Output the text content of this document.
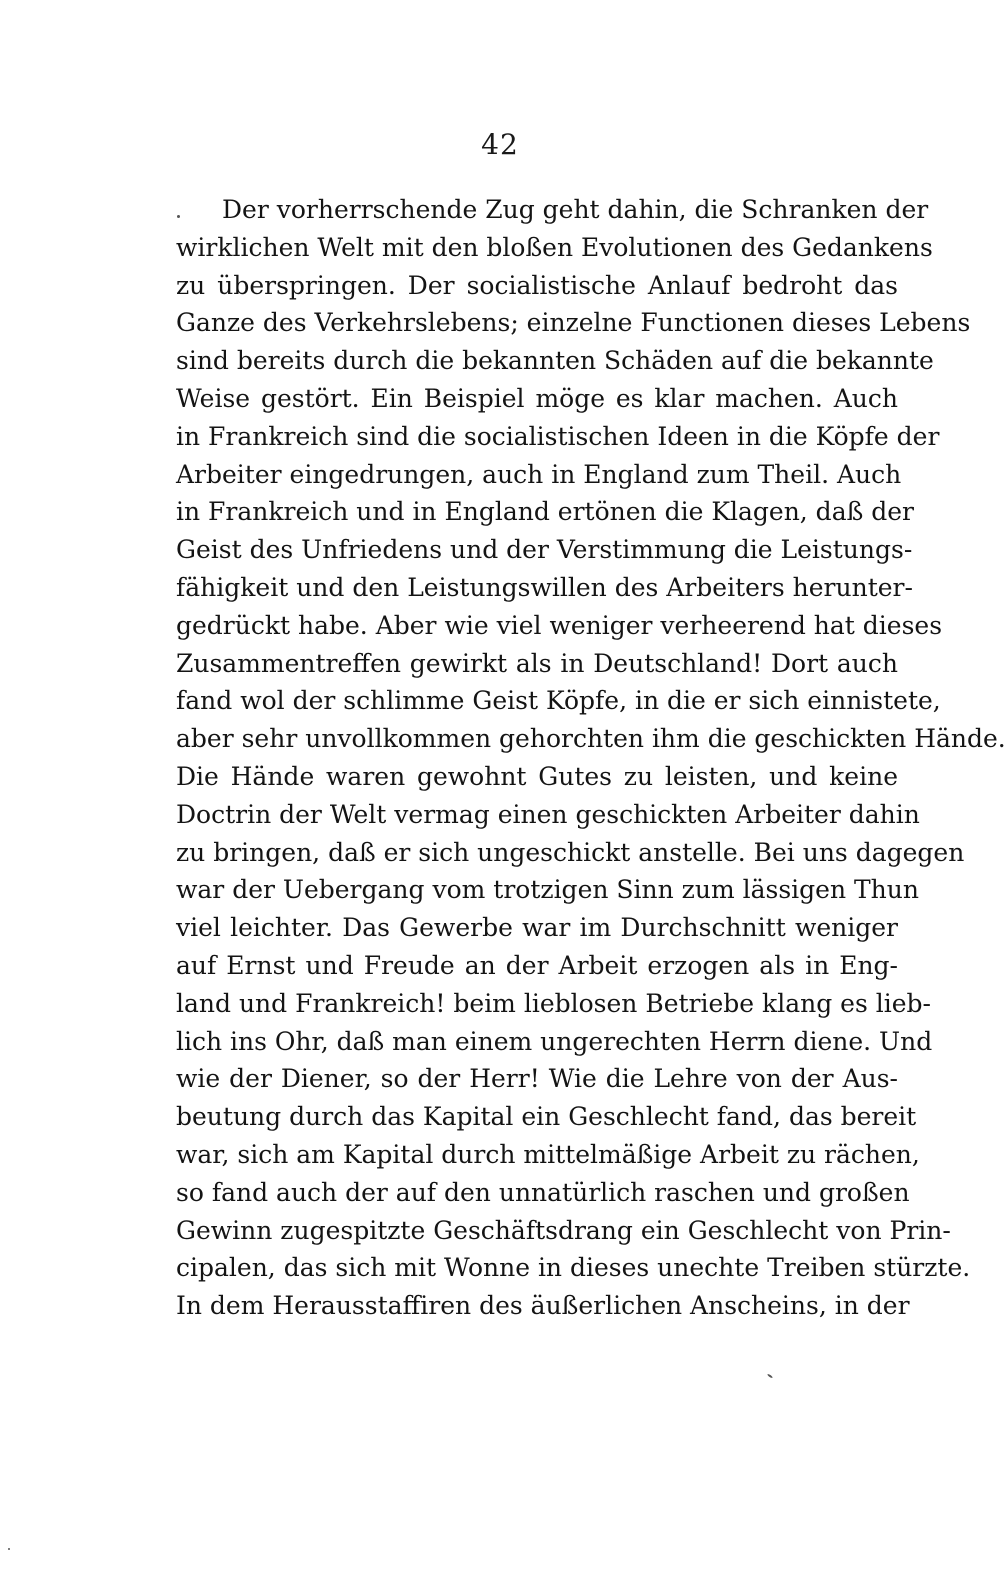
42
Der vorherrschende Zug geht dahin, die Schranken der
wirklichen Welt mit den bloßen Evolutionen des Gedankens
zu überspringen. Der socialistische Anlauf bedroht das
Ganze des Verkehrslebens; einzelne Functionen dieses Lebens
sind bereits durch die bekannten Schäden auf die bekannte
Weise gestört. Ein Beispiel möge es klar machen. Auch
in Frankreich sind die socialistischen Ideen in die Köpfe der
Arbeiter eingedrungen, auch in England zum Theil. Auch
in Frankreich und in England ertönen die Klagen, daß der
Geist des Unfriedens und der Verstimmung die Leistungs-
fähigkeit und den Leistungswillen des Arbeiters herunter-
gedrückt habe. Aber wie viel weniger verheerend hat dieses
Zusammentreffen gewirkt als in Deutschland! Dort auch
fand wol der schlimme Geist Köpfe, in die er sich einnistete,
aber sehr unvollkommen gehorchten ihm die geschickten Hände.
Die Hände waren gewohnt Gutes zu leisten, und keine
Doctrin der Welt vermag einen geschickten Arbeiter dahin
zu bringen, daß er sich ungeschickt anstelle. Bei uns dagegen
war der Uebergang vom trotzigen Sinn zum lässigen Thun
viel leichter. Das Gewerbe war im Durchschnitt weniger
auf Ernst und Freude an der Arbeit erzogen als in Eng-
land und Frankreich! beim lieblosen Betriebe klang es lieb-
lich ins Ohr, daß man einem ungerechten Herrn diene. Und
wie der Diener, so der Herr! Wie die Lehre von der Aus-
beutung durch das Kapital ein Geschlecht fand, das bereit
war, sich am Kapital durch mittelmäßige Arbeit zu rächen,
so fand auch der auf den unnatürlich raschen und großen
Gewinn zugespitzte Geschäftsdrang ein Geschlecht von Prin-
cipalen, das sich mit Wonne in dieses unechte Treiben stürzte.
In dem Herausstaffiren des äußerlichen Anscheins, in der
